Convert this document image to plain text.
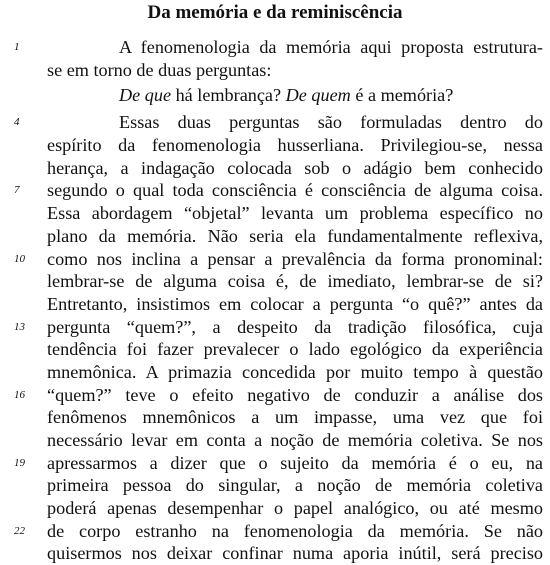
Da memória e da reminiscência
1	A fenomenologia da memória aqui proposta estrutura-
se em torno de duas perguntas:
De que há lembrança? De quem é a memória?
4	Essas duas perguntas são formuladas dentro do
espírito da fenomenologia husserliana. Privilegiou-se, nessa
herança, a indagação colocada sob o adágio bem conhecido
7	segundo o qual toda consciência é consciência de alguma coisa.
Essa abordagem “objetal” levanta um problema específico no
plano da memória. Não seria ela fundamentalmente reflexiva,
10	como nos inclina a pensar a prevalência da forma pronominal:
lembrar-se de alguma coisa é, de imediato, lembrar-se de si?
Entretanto, insistimos em colocar a pergunta “o quê?” antes da
13	pergunta “quem?”, a despeito da tradição filosófica, cuja
tendência foi fazer prevalecer o lado egológico da experiência
mnemônica. A primazia concedida por muito tempo à questão
16	“quem?” teve o efeito negativo de conduzir a análise dos
fenômenos mnemônicos a um impasse, uma vez que foi
necessário levar em conta a noção de memória coletiva. Se nos
19	apressarmos a dizer que o sujeito da memória é o eu, na
primeira pessoa do singular, a noção de memória coletiva
poderá apenas desempenhar o papel analógico, ou até mesmo
22	de corpo estranho na fenomenologia da memória. Se não
quisermos nos deixar confinar numa aporia inútil, será preciso
